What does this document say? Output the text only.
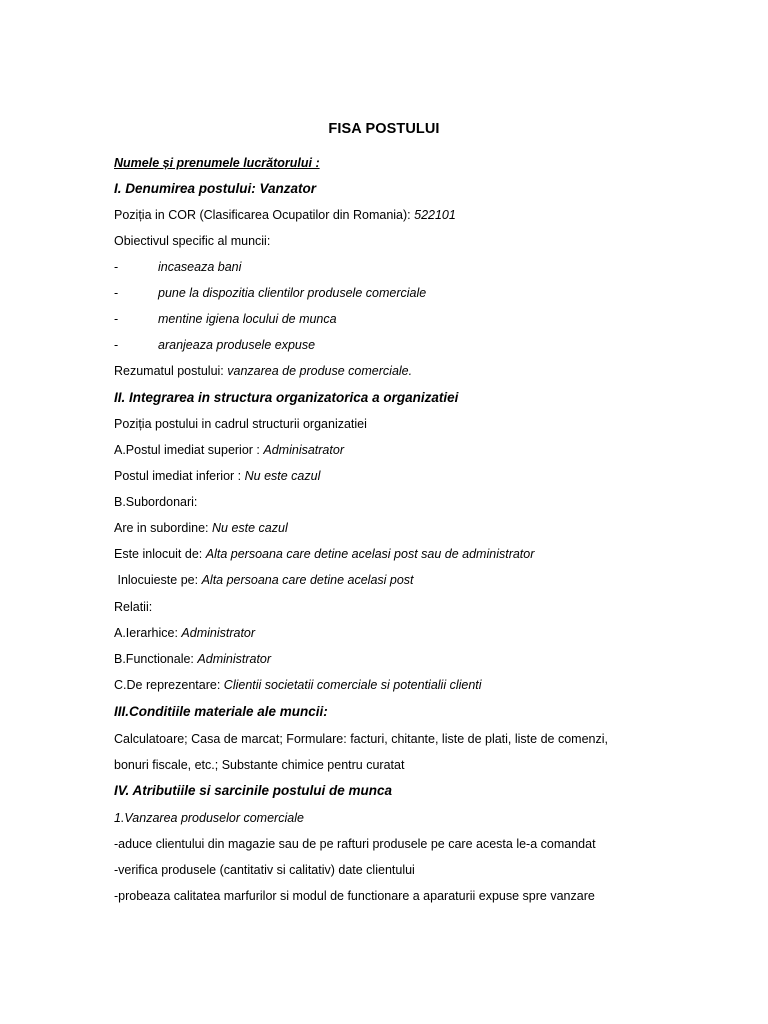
FISA POSTULUI
Numele și prenumele lucrătorului :
I. Denumirea postului: Vanzator
Poziția in COR (Clasificarea Ocupatilor din Romania): 522101
Obiectivul specific al muncii:
-	incaseaza bani
-	pune la dispozitia clientilor produsele comerciale
-	mentine igiena locului de munca
-	aranjeaza produsele expuse
Rezumatul postului: vanzarea de produse comerciale.
II. Integrarea in structura organizatorica a organizatiei
Poziția postului in cadrul structurii organizatiei
A.Postul imediat superior : Adminisatrator
Postul imediat inferior : Nu este cazul
B.Subordonari:
Are in subordine: Nu este cazul
Este inlocuit de: Alta persoana care detine acelasi post sau de administrator
Inlocuieste pe: Alta persoana care detine acelasi post
Relatii:
A.Ierarhice: Administrator
B.Functionale: Administrator
C.De reprezentare: Clientii societatii comerciale si potentialii clienti
III.Conditiile materiale ale muncii:
Calculatoare; Casa de marcat; Formulare: facturi, chitante, liste de plati, liste de comenzi,
bonuri fiscale, etc.; Substante chimice pentru curatat
IV. Atributiile si sarcinile postului de munca
1.Vanzarea produselor comerciale
-aduce clientului din magazie sau de pe rafturi produsele pe care acesta le-a comandat
-verifica produsele (cantitativ si calitativ) date clientului
-probeaza calitatea marfurilor si modul de functionare a aparaturii expuse spre vanzare
